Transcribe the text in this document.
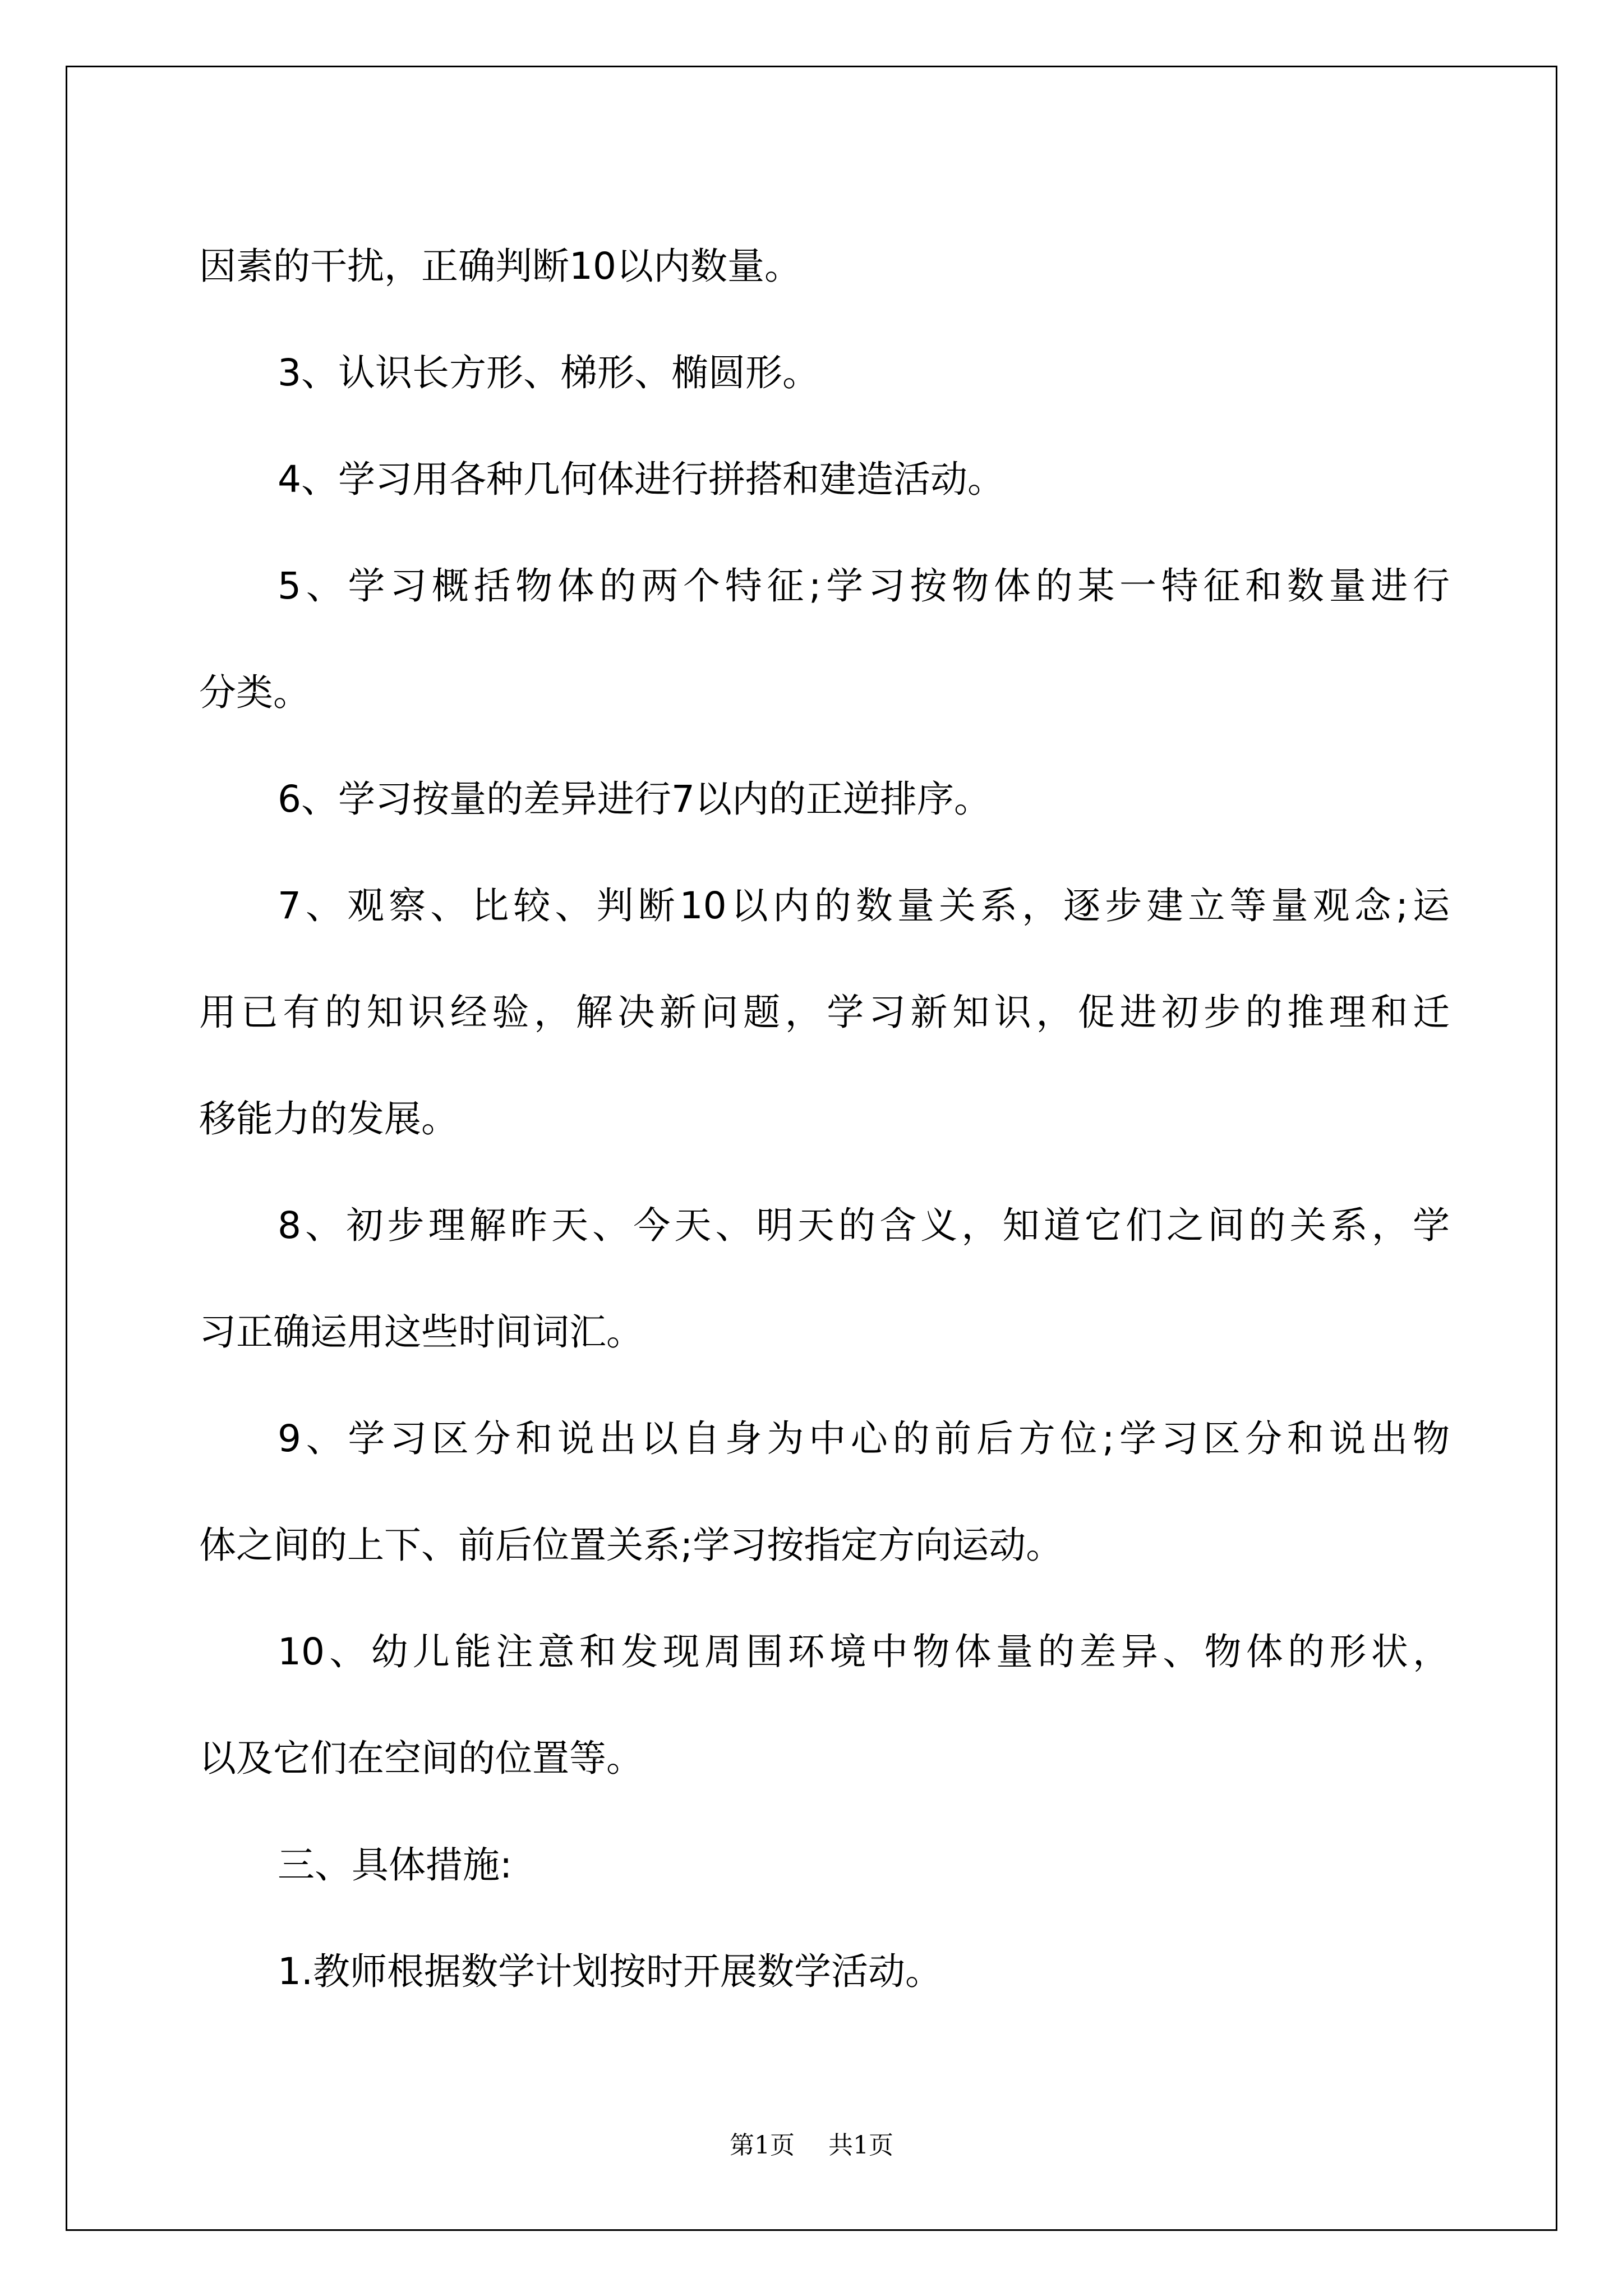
因素的干扰，正确判断10以内数量。
3、认识长方形、梯形、椭圆形。
4、学习用各种几何体进行拼搭和建造活动。
5、学习概括物体的两个特征;学习按物体的某一特征和数量进行
分类。
6、学习按量的差异进行7以内的正逆排序。
7、观察、比较、判断10以内的数量关系，逐步建立等量观念;运
用已有的知识经验，解决新问题，学习新知识，促进初步的推理和迁
移能力的发展。
8、初步理解昨天、今天、明天的含义，知道它们之间的关系，学
习正确运用这些时间词汇。
9、学习区分和说出以自身为中心的前后方位;学习区分和说出物
体之间的上下、前后位置关系;学习按指定方向运动。
10、幼儿能注意和发现周围环境中物体量的差异、物体的形状，
以及它们在空间的位置等。
三、具体措施:
1.教师根据数学计划按时开展数学活动。
第1页 共1页
